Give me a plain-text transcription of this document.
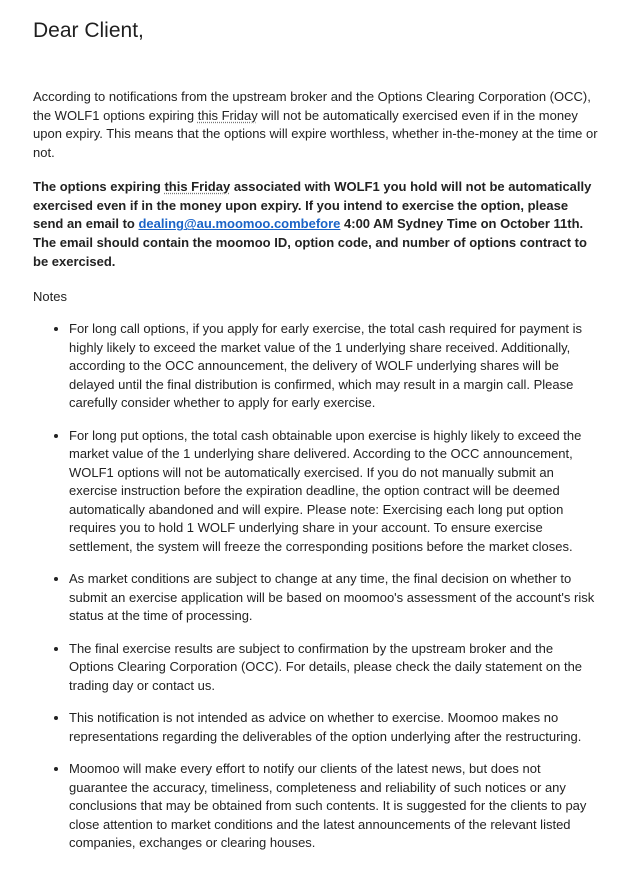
Dear Client,

According to notifications from the upstream broker and the Options Clearing Corporation (OCC), the WOLF1 options expiring this Friday will not be automatically exercised even if in the money upon expiry. This means that the options will expire worthless, whether in-the-money at the time or not.

The options expiring this Friday associated with WOLF1 you hold will not be automatically exercised even if in the money upon expiry. If you intend to exercise the option, please send an email to dealing@au.moomoo.combefore 4:00 AM Sydney Time on October 11th. The email should contain the moomoo ID, option code, and number of options contract to be exercised.

Notes

• For long call options, if you apply for early exercise, the total cash required for payment is highly likely to exceed the market value of the 1 underlying share received. Additionally, according to the OCC announcement, the delivery of WOLF underlying shares will be delayed until the final distribution is confirmed, which may result in a margin call. Please carefully consider whether to apply for early exercise.
• For long put options, the total cash obtainable upon exercise is highly likely to exceed the market value of the 1 underlying share delivered. According to the OCC announcement, WOLF1 options will not be automatically exercised. If you do not manually submit an exercise instruction before the expiration deadline, the option contract will be deemed automatically abandoned and will expire. Please note: Exercising each long put option requires you to hold 1 WOLF underlying share in your account. To ensure exercise settlement, the system will freeze the corresponding positions before the market closes.
• As market conditions are subject to change at any time, the final decision on whether to submit an exercise application will be based on moomoo's assessment of the account's risk status at the time of processing.
• The final exercise results are subject to confirmation by the upstream broker and the Options Clearing Corporation (OCC). For details, please check the daily statement on the trading day or contact us.
• This notification is not intended as advice on whether to exercise. Moomoo makes no representations regarding the deliverables of the option underlying after the restructuring.
• Moomoo will make every effort to notify our clients of the latest news, but does not guarantee the accuracy, timeliness, completeness and reliability of such notices or any conclusions that may be obtained from such contents. It is suggested for the clients to pay close attention to market conditions and the latest announcements of the relevant listed companies, exchanges or clearing houses.
